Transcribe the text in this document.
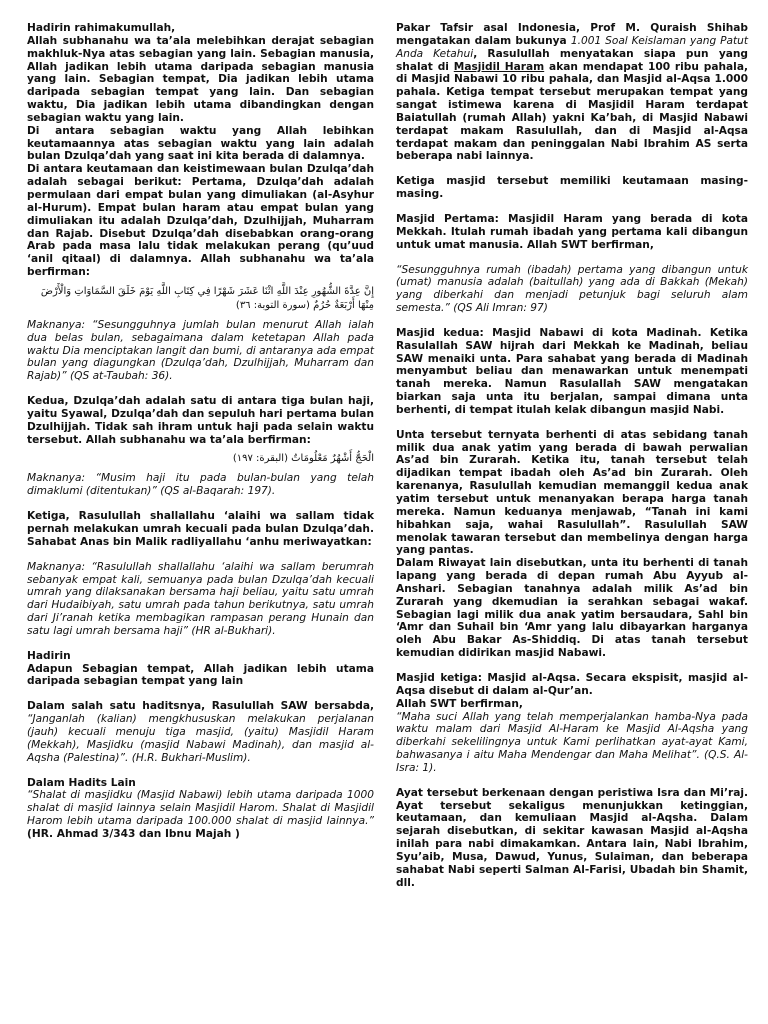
Hadirin rahimakumullah,

Allah subhanahu wa ta’ala melebihkan derajat sebagian makhluk-Nya atas sebagian yang lain. Sebagian manusia, Allah jadikan lebih utama daripada sebagian manusia yang lain. Sebagian tempat, Dia jadikan lebih utama daripada sebagian tempat yang lain. Dan sebagian waktu, Dia jadikan lebih utama dibandingkan dengan sebagian waktu yang lain.

Di antara sebagian waktu yang Allah lebihkan keutamaannya atas sebagian waktu yang lain adalah bulan Dzulqa’dah yang saat ini kita berada di dalamnya.

Di antara keutamaan dan keistimewaan bulan Dzulqa’dah adalah sebagai berikut: Pertama, Dzulqa’dah adalah permulaan dari empat bulan yang dimuliakan (al-Asyhur al-Hurum). Empat bulan haram atau empat bulan yang dimuliakan itu adalah Dzulqa’dah, Dzulhijjah, Muharram dan Rajab. Disebut Dzulqa’dah disebabkan orang-orang Arab pada masa lalu tidak melakukan perang (qu’uud ‘anil qitaal) di dalamnya. Allah subhanahu wa ta’ala berfirman:

إِنَّ عِدَّةَ الشُّهُورِ عِنْدَ اللَّهِ اثْنَا عَشَرَ شَهْرًا فِي كِتَابِ اللَّهِ يَوْمَ خَلَقَ السَّمَاوَاتِ وَالْأَرْضَ مِنْهَا أَرْبَعَةٌ حُرُمٌ (سورة التوبة: ٣٦)

Maknanya: “Sesungguhnya jumlah bulan menurut Allah ialah dua belas bulan, sebagaimana dalam ketetapan Allah pada waktu Dia menciptakan langit dan bumi, di antaranya ada empat bulan yang diagungkan (Dzulqa’dah, Dzulhijjah, Muharram dan Rajab)” (QS at-Taubah: 36).

Kedua, Dzulqa’dah adalah satu di antara tiga bulan haji, yaitu Syawal, Dzulqa’dah dan sepuluh hari pertama bulan Dzulhijjah. Tidak sah ihram untuk haji pada selain waktu tersebut. Allah subhanahu wa ta’ala berfirman:

الْحَجُّ أَشْهُرٌ مَعْلُومَاتٌ (البقرة: ١٩٧)

Maknanya: “Musim haji itu pada bulan-bulan yang telah dimaklumi (ditentukan)” (QS al-Baqarah: 197).

Ketiga, Rasulullah shallallahu ‘alaihi wa sallam tidak pernah melakukan umrah kecuali pada bulan Dzulqa’dah. Sahabat Anas bin Malik radliyallahu ‘anhu meriwayatkan:

Maknanya: “Rasulullah shallallahu ‘alaihi wa sallam berumrah sebanyak empat kali, semuanya pada bulan Dzulqa’dah kecuali umrah yang dilaksanakan bersama haji beliau, yaitu satu umrah dari Hudaibiyah, satu umrah pada tahun berikutnya, satu umrah dari Ji’ranah ketika membagikan rampasan perang Hunain dan satu lagi umrah bersama haji” (HR al-Bukhari).

Hadirin

Adapun Sebagian tempat, Allah jadikan lebih utama daripada sebagian tempat yang lain

Dalam salah satu haditsnya, Rasulullah SAW bersabda, “Janganlah (kalian) mengkhususkan melakukan perjalanan (jauh) kecuali menuju tiga masjid, (yaitu) Masjidil Haram (Mekkah), Masjidku (masjid Nabawi Madinah), dan masjid al-Aqsha (Palestina)”. (H.R. Bukhari-Muslim).

Dalam Hadits Lain

“Shalat di masjidku (Masjid Nabawi) lebih utama daripada 1000 shalat di masjid lainnya selain Masjidil Harom. Shalat di Masjidil Harom lebih utama daripada 100.000 shalat di masjid lainnya.” (HR. Ahmad 3/343 dan Ibnu Majah )

Pakar Tafsir asal Indonesia, Prof M. Quraish Shihab mengatakan dalam bukunya 1.001 Soal Keislaman yang Patut Anda Ketahui, Rasulullah menyatakan siapa pun yang shalat di Masjidil Haram akan mendapat 100 ribu pahala, di Masjid Nabawi 10 ribu pahala, dan Masjid al-Aqsa 1.000 pahala. Ketiga tempat tersebut merupakan tempat yang sangat istimewa karena di Masjidil Haram terdapat Baiatullah (rumah Allah) yakni Ka’bah, di Masjid Nabawi terdapat makam Rasulullah, dan di Masjid al-Aqsa terdapat makam dan peninggalan Nabi Ibrahim AS serta beberapa nabi lainnya.

Ketiga masjid tersebut memiliki keutamaan masing-masing.

Masjid Pertama: Masjidil Haram yang berada di kota Mekkah. Itulah rumah ibadah yang pertama kali dibangun untuk umat manusia. Allah SWT berfirman,

“Sesungguhnya rumah (ibadah) pertama yang dibangun untuk (umat) manusia adalah (baitullah) yang ada di Bakkah (Mekah) yang diberkahi dan menjadi petunjuk bagi seluruh alam semesta.” (QS Ali Imran: 97)

Masjid kedua: Masjid Nabawi di kota Madinah. Ketika Rasulallah SAW hijrah dari Mekkah ke Madinah, beliau SAW menaiki unta. Para sahabat yang berada di Madinah menyambut beliau dan menawarkan untuk menempati tanah mereka. Namun Rasulallah SAW mengatakan biarkan saja unta itu berjalan, sampai dimana unta berhenti, di tempat itulah kelak dibangun masjid Nabi.

Unta tersebut ternyata berhenti di atas sebidang tanah milik dua anak yatim yang berada di bawah perwalian As’ad bin Zurarah. Ketika itu, tanah tersebut telah dijadikan tempat ibadah oleh As’ad bin Zurarah. Oleh karenanya, Rasulullah kemudian memanggil kedua anak yatim tersebut untuk menanyakan berapa harga tanah mereka. Namun keduanya menjawab, “Tanah ini kami hibahkan saja, wahai Rasulullah”. Rasulullah SAW menolak tawaran tersebut dan membelinya dengan harga yang pantas.

Dalam Riwayat lain disebutkan, unta itu berhenti di tanah lapang yang berada di depan rumah Abu Ayyub al-Anshari. Sebagian tanahnya adalah milik As’ad bin Zurarah yang dkemudian ia serahkan sebagai wakaf. Sebagian lagi milik dua anak yatim bersaudara, Sahl bin ‘Amr dan Suhail bin ‘Amr yang lalu dibayarkan harganya oleh Abu Bakar As-Shiddiq. Di atas tanah tersebut kemudian didirikan masjid Nabawi.

Masjid ketiga: Masjid al-Aqsa. Secara ekspisit, masjid al-Aqsa disebut di dalam al-Qur’an.

Allah SWT berfirman,

“Maha suci Allah yang telah memperjalankan hamba-Nya pada waktu malam dari Masjid Al-Haram ke Masjid Al-Aqsha yang diberkahi sekelilingnya untuk Kami perlihatkan ayat-ayat Kami, bahwasanya i aitu Maha Mendengar dan Maha Melihat”. (Q.S. Al-Isra: 1).

Ayat tersebut berkenaan dengan peristiwa Isra dan Mi’raj. Ayat tersebut sekaligus menunjukkan ketinggian, keutamaan, dan kemuliaan Masjid al-Aqsha. Dalam sejarah disebutkan, di sekitar kawasan Masjid al-Aqsha inilah para nabi dimakamkan. Antara lain, Nabi Ibrahim, Syu’aib, Musa, Dawud, Yunus, Sulaiman, dan beberapa sahabat Nabi seperti Salman Al-Farisi, Ubadah bin Shamit, dll.
